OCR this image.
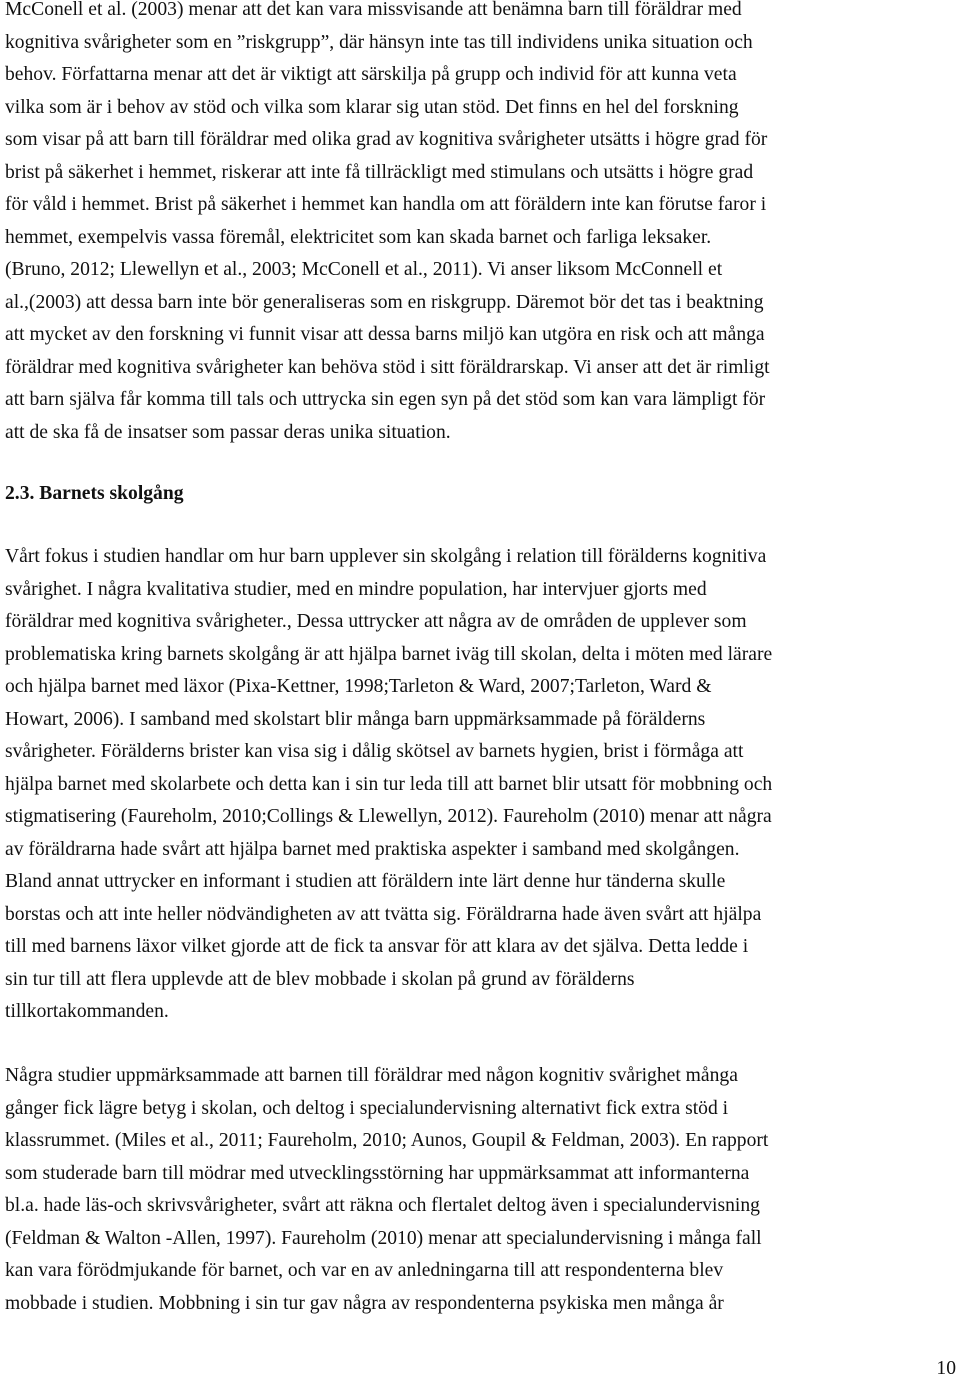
McConell et al. (2003) menar att det kan vara missvisande att benämna barn till föräldrar med
kognitiva svårigheter som en ”riskgrupp”, där hänsyn inte tas till individens unika situation och
behov. Författarna menar att det är viktigt att särskilja på grupp och individ för att kunna veta
vilka som är i behov av stöd och vilka som klarar sig utan stöd. Det finns en hel del forskning
som visar på att barn till föräldrar med olika grad av kognitiva svårigheter utsätts i högre grad för
brist på säkerhet i hemmet, riskerar att inte få tillräckligt med stimulans och utsätts i högre grad
för våld i hemmet. Brist på säkerhet i hemmet kan handla om att föräldern inte kan förutse faror i
hemmet, exempelvis vassa föremål, elektricitet som kan skada barnet och farliga leksaker.
(Bruno, 2012; Llewellyn et al., 2003; McConell et al., 2011). Vi anser liksom McConnell et
al.,(2003) att dessa barn inte bör generaliseras som en riskgrupp. Däremot bör det tas i beaktning
att mycket av den forskning vi funnit visar att dessa barns miljö kan utgöra en risk och att många
föräldrar med kognitiva svårigheter kan behöva stöd i sitt föräldrarskap. Vi anser att det är rimligt
att barn själva får komma till tals och uttrycka sin egen syn på det stöd som kan vara lämpligt för
att de ska få de insatser som passar deras unika situation.
2.3. Barnets skolgång
Vårt fokus i studien handlar om hur barn upplever sin skolgång i relation till förälderns kognitiva
svårighet. I några kvalitativa studier, med en mindre population, har intervjuer gjorts med
föräldrar med kognitiva svårigheter., Dessa uttrycker att några av de områden de upplever som
problematiska kring barnets skolgång är att hjälpa barnet iväg till skolan, delta i möten med lärare
och hjälpa barnet med läxor (Pixa-Kettner, 1998;Tarleton & Ward, 2007;Tarleton, Ward &
Howart, 2006). I samband med skolstart blir många barn uppmärksammade på förälderns
svårigheter. Förälderns brister kan visa sig i dålig skötsel av barnets hygien, brist i förmåga att
hjälpa barnet med skolarbete och detta kan i sin tur leda till att barnet blir utsatt för mobbning och
stigmatisering (Faureholm, 2010;Collings & Llewellyn, 2012). Faureholm (2010) menar att några
av föräldrarna hade svårt att hjälpa barnet med praktiska aspekter i samband med skolgången.
Bland annat uttrycker en informant i studien att föräldern inte lärt denne hur tänderna skulle
borstas och att inte heller nödvändigheten av att tvätta sig. Föräldrarna hade även svårt att hjälpa
till med barnens läxor vilket gjorde att de fick ta ansvar för att klara av det själva. Detta ledde i
sin tur till att flera upplevde att de blev mobbade i skolan på grund av förälderns
tillkortakommanden.
Några studier uppmärksammade att barnen till föräldrar med någon kognitiv svårighet många
gånger fick lägre betyg i skolan, och deltog i specialundervisning alternativt fick extra stöd i
klassrummet. (Miles et al., 2011; Faureholm, 2010; Aunos, Goupil & Feldman, 2003). En rapport
som studerade barn till mödrar med utvecklingsstörning har uppmärksammat att informanterna
bl.a. hade läs-och skrivsvårigheter, svårt att räkna och flertalet deltog även i specialundervisning
(Feldman & Walton -Allen, 1997). Faureholm (2010) menar att specialundervisning i många fall
kan vara förödmjukande för barnet, och var en av anledningarna till att respondenterna blev
mobbade i studien. Mobbning i sin tur gav några av respondenterna psykiska men många år
10
